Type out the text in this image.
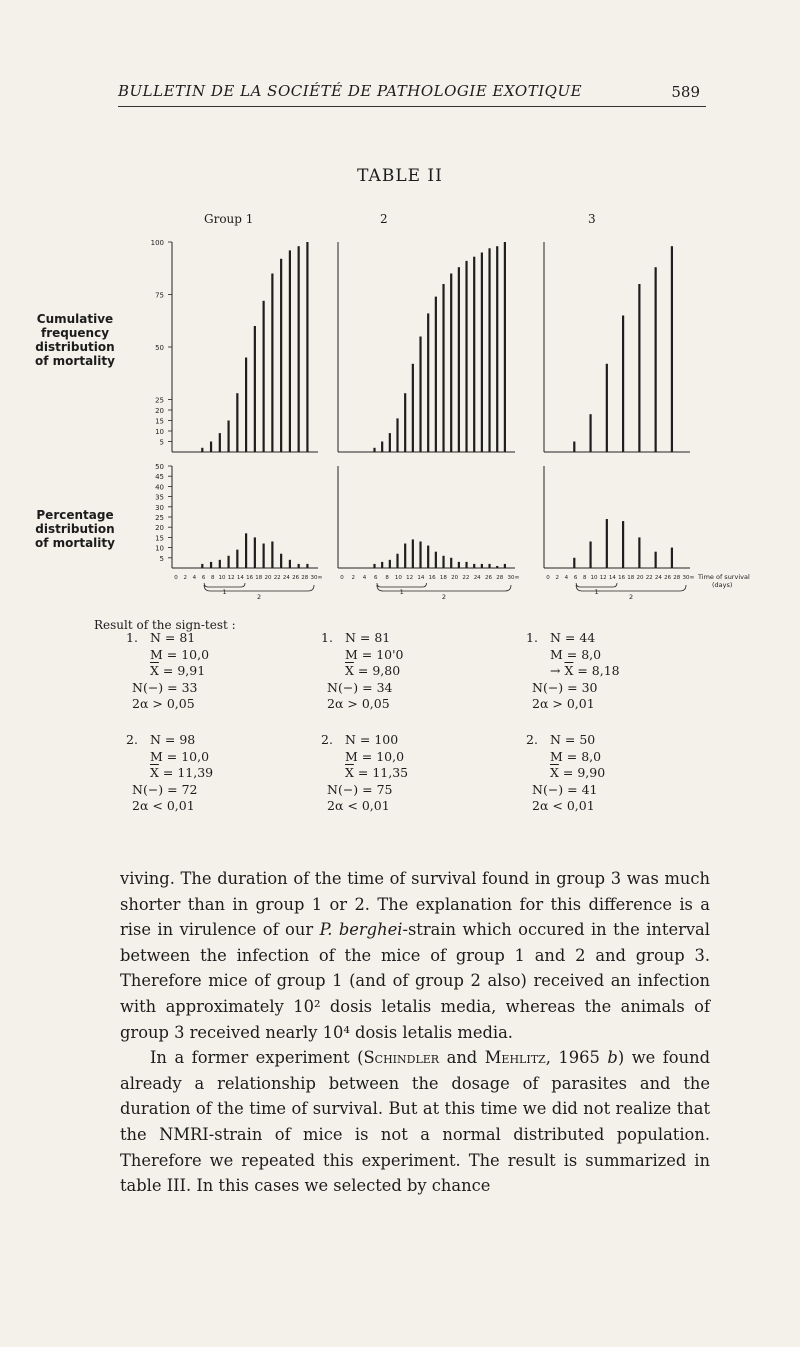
BULLETIN DE LA SOCIÉTÉ DE PATHOLOGIE EXOTIQUE	589
TABLE II
Group 1	2	3
Cumulative
frequency
distribution
of mortality
Percentage
distribution
of mortality
100
75
50
25
20
15
10
5
50
45
40
35
30
25
20
15
10
5
0 2 4 6 8 10 12 14 16 18 20 22 24 26 28 30 ∞
1
2
0 2 4 6 8 10 12 14 16 18 20 22 24 26 28 30 ∞
1
2
0 2 4 6 8 10 12 14 16 18 20 22 24 26 28 30 ∞
1
2
Time of survival
(days)
Result of the sign-test :
1. N = 81
M = 10,0
$\overline{X} = 9,91$
N(−) = 33
2α > 0,05
2. N = 98
M = 10,0
$\overline{X} = 11,39$
N(−) = 72
2α < 0,01
1. N = 81
M = 10'0
$\overline{X} = 9,80$
N(−) = 34
2α > 0,05
2. N = 100
M = 10,0
$\overline{X} = 11,35$
N(−) = 75
2α < 0,01
1. N = 44
M = 8,0
→ $\overline{X} = 8,18$
N(−) = 30
2α > 0,01
2. N = 50
M = 8,0
$\overline{X} = 9,90$
N(−) = 41
2α < 0,01

viving. The duration of the time of survival found in group 3 was much shorter than in group 1 or 2. The explanation for this difference is a rise in virulence of our P. berghei-strain which occured in the interval between the infection of the mice of group 1 and 2 and group 3. Therefore mice of group 1 (and of group 2 also) received an infection with approximately 10² dosis letalis media, whereas the animals of group 3 received nearly 10⁴ dosis letalis media.

In a former experiment (Schindler and Mehlitz, 1965 b) we found already a relationship between the dosage of parasites and the duration of the time of survival. But at this time we did not realize that the NMRI-strain of mice is not a normal distributed population. Therefore we repeated this experiment. The result is summarized in table III. In this cases we selected by chance
